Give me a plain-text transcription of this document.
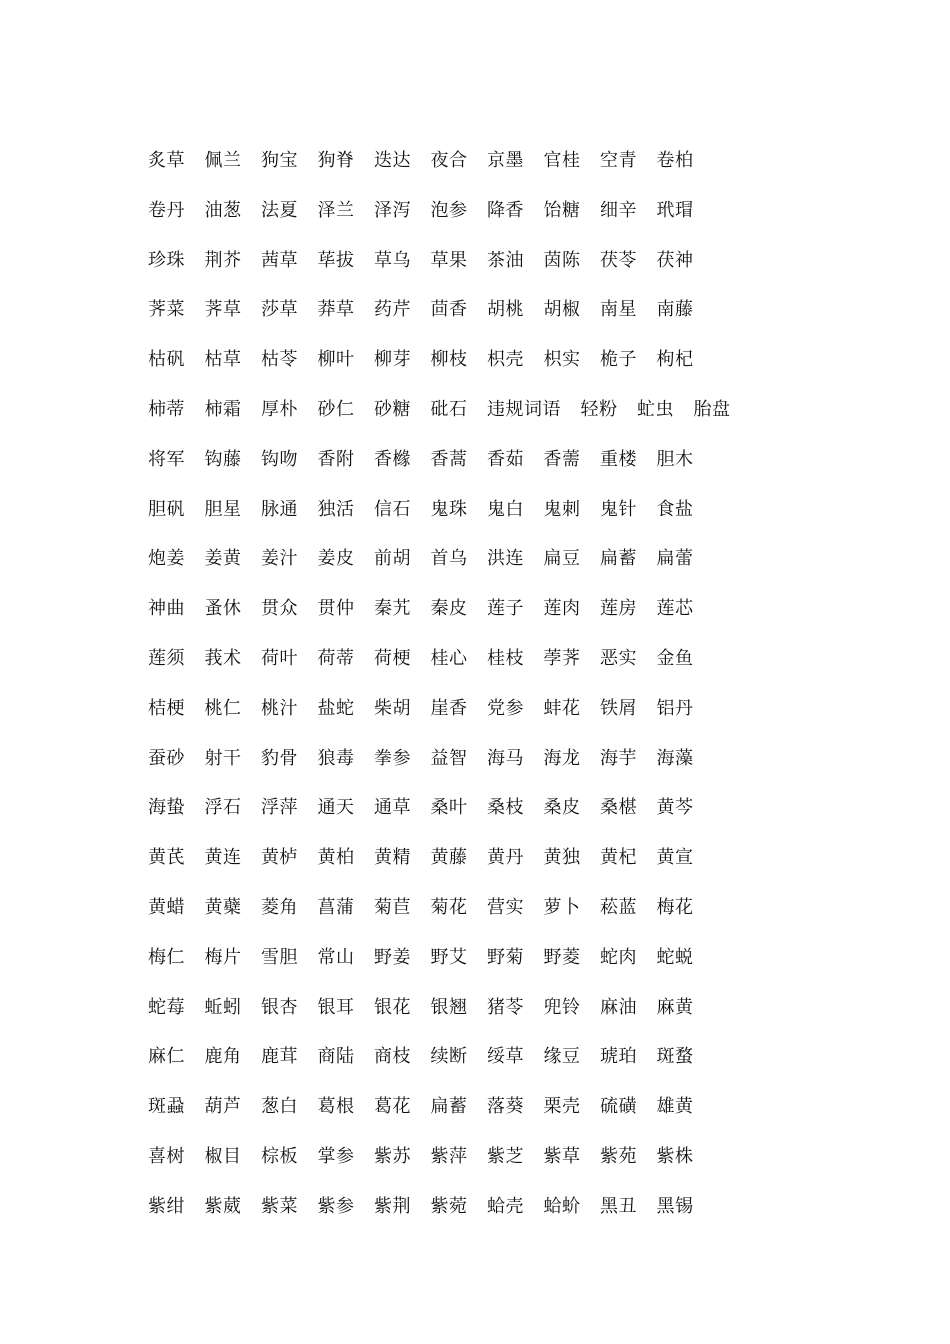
炙草 佩兰 狗宝 狗脊 迭达 夜合 京墨 官桂 空青 卷柏
卷丹 油葱 法夏 泽兰 泽泻 泡参 降香 饴糖 细辛 玳瑁
珍珠 荆芥 茜草 荜拔 草乌 草果 茶油 茵陈 茯苓 茯神
荠菜 荠草 莎草 莽草 药芹 茴香 胡桃 胡椒 南星 南藤
枯矾 枯草 枯苓 柳叶 柳芽 柳枝 枳壳 枳实 桅子 枸杞
柿蒂 柿霜 厚朴 砂仁 砂糖 砒石 违规词语 轻粉 虻虫 胎盘
将军 钩藤 钩吻 香附 香橼 香蒿 香茹 香薷 重楼 胆木
胆矾 胆星 脉通 独活 信石 鬼珠 鬼白 鬼刺 鬼针 食盐
炮姜 姜黄 姜汁 姜皮 前胡 首乌 洪连 扁豆 扁蓄 扁蕾
神曲 蚤休 贯众 贯仲 秦艽 秦皮 莲子 莲肉 莲房 莲芯
莲须 莪术 荷叶 荷蒂 荷梗 桂心 桂枝 荸荠 恶实 金鱼
桔梗 桃仁 桃汁 盐蛇 柴胡 崖香 党参 蚌花 铁屑 铝丹
蚕砂 射干 豹骨 狼毒 拳参 益智 海马 海龙 海芋 海藻
海蛰 浮石 浮萍 通天 通草 桑叶 桑枝 桑皮 桑椹 黄芩
黄芪 黄连 黄栌 黄柏 黄精 黄藤 黄丹 黄独 黄杞 黄宣
黄蜡 黄蘗 菱角 菖蒲 菊苣 菊花 营实 萝卜 菘蓝 梅花
梅仁 梅片 雪胆 常山 野姜 野艾 野菊 野菱 蛇肉 蛇蜕
蛇莓 蚯蚓 银杏 银耳 银花 银翘 猪苓 兜铃 麻油 麻黄
麻仁 鹿角 鹿茸 商陆 商枝 续断 绥草 缘豆 琥珀 斑蝥
斑蝨 葫芦 葱白 葛根 葛花 扁蓄 落葵 栗壳 硫磺 雄黄
喜树 椒目 棕板 掌参 紫苏 紫萍 紫芝 紫草 紫苑 紫株
紫绀 紫葳 紫菜 紫参 紫荆 紫菀 蛤壳 蛤蚧 黑丑 黑锡
